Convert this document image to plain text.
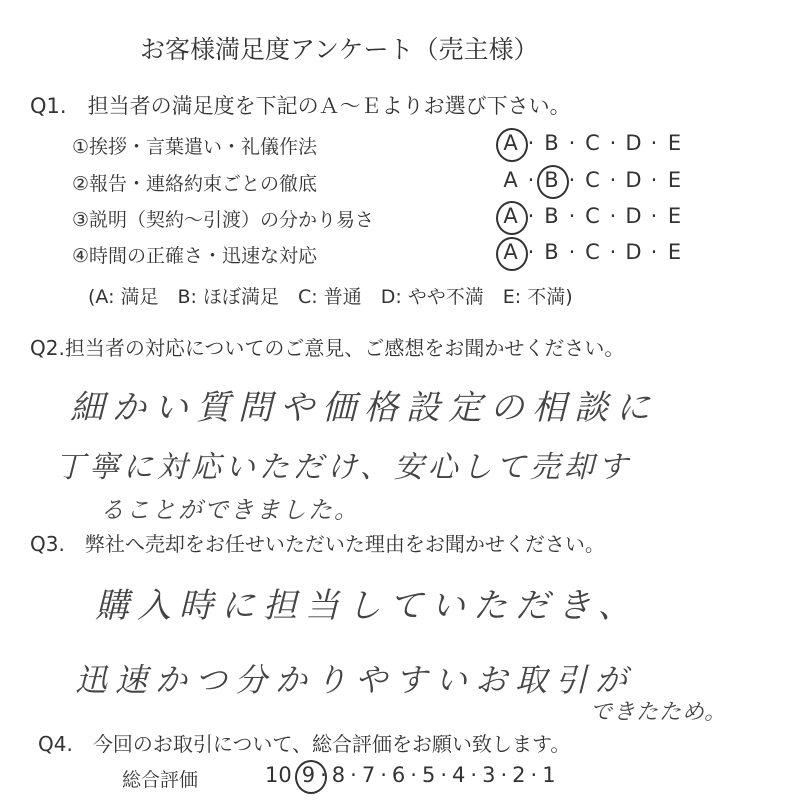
お客様満足度アンケート（売主様）
Q1.　担当者の満足度を下記のＡ～Ｅよりお選び下さい。
①挨拶・言葉遣い・礼儀作法	A · B · C · D · E
②報告・連絡約束ごとの徹底	A · B · C · D · E
③説明（契約～引渡）の分かり易さ	A · B · C · D · E
④時間の正確さ・迅速な対応	A · B · C · D · E
(A: 満足　B: ほぼ満足　C: 普通　D: やや不満　E: 不満)
Q2.担当者の対応についてのご意見、ご感想をお聞かせください。
細かい質問や価格設定の相談に
丁寧に対応いただけ、安心して売却す
ることができました。
Q3.　弊社へ売却をお任せいただいた理由をお聞かせください。
購入時に担当していただき、
迅速かつ分かりやすいお取引が
できたため。
Q4.　今回のお取引について、総合評価をお願い致します。
総合評価	10 9 · 8 · 7 · 6 · 5 · 4 · 3 · 2 · 1
